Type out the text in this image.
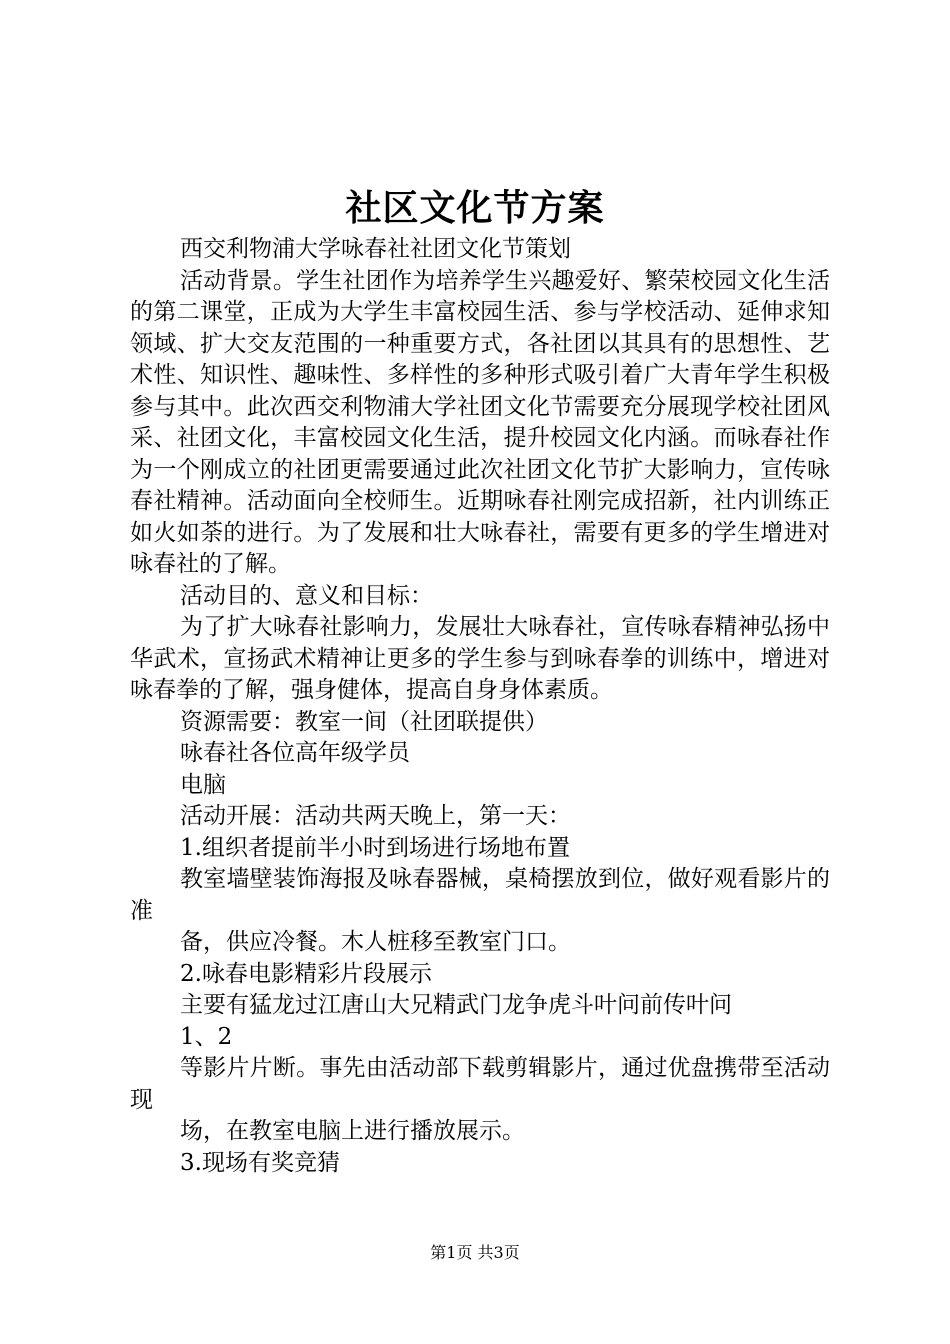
社区文化节方案

西交利物浦大学咏春社社团文化节策划

活动背景。学生社团作为培养学生兴趣爱好、繁荣校园文化生活的第二课堂，正成为大学生丰富校园生活、参与学校活动、延伸求知领域、扩大交友范围的一种重要方式，各社团以其具有的思想性、艺术性、知识性、趣味性、多样性的多种形式吸引着广大青年学生积极参与其中。此次西交利物浦大学社团文化节需要充分展现学校社团风采、社团文化，丰富校园文化生活，提升校园文化内涵。而咏春社作为一个刚成立的社团更需要通过此次社团文化节扩大影响力，宣传咏春社精神。活动面向全校师生。近期咏春社刚完成招新，社内训练正如火如荼的进行。为了发展和壮大咏春社，需要有更多的学生增进对咏春社的了解。

活动目的、意义和目标：

为了扩大咏春社影响力，发展壮大咏春社，宣传咏春精神弘扬中华武术，宣扬武术精神让更多的学生参与到咏春拳的训练中，增进对咏春拳的了解，强身健体，提高自身身体素质。

资源需要：教室一间（社团联提供）

咏春社各位高年级学员

电脑

活动开展：活动共两天晚上，第一天：

1.组织者提前半小时到场进行场地布置

教室墙壁装饰海报及咏春器械，桌椅摆放到位，做好观看影片的准

备，供应冷餐。木人桩移至教室门口。

2.咏春电影精彩片段展示

主要有猛龙过江唐山大兄精武门龙争虎斗叶问前传叶问

1、2

等影片片断。事先由活动部下载剪辑影片，通过优盘携带至活动现

场，在教室电脑上进行播放展示。

3.现场有奖竞猜

第1页 共3页
